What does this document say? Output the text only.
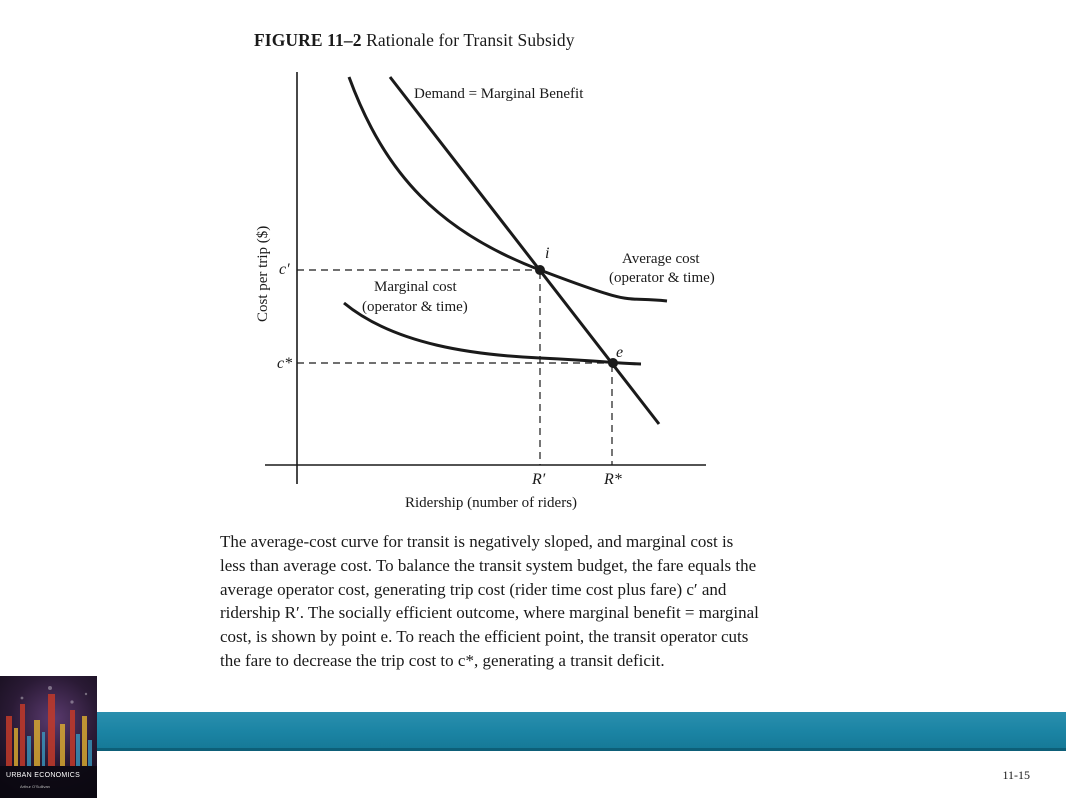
FIGURE 11–2 Rationale for Transit Subsidy
Demand = Marginal Benefit
Average cost
(operator & time)
Marginal cost
(operator & time)
i
e
c′
c*
R′	R*
Cost per trip ($)
Ridership (number of riders)

The average-cost curve for transit is negatively sloped, and marginal cost is less than average cost. To balance the transit system budget, the fare equals the average operator cost, generating trip cost (rider time cost plus fare) c′ and ridership R′. The socially efficient outcome, where marginal benefit = marginal cost, is shown by point e. To reach the efficient point, the transit operator cuts the fare to decrease the trip cost to c*, generating a transit deficit.

URBAN ECONOMICS
Arthur O'Sullivan
11-15
